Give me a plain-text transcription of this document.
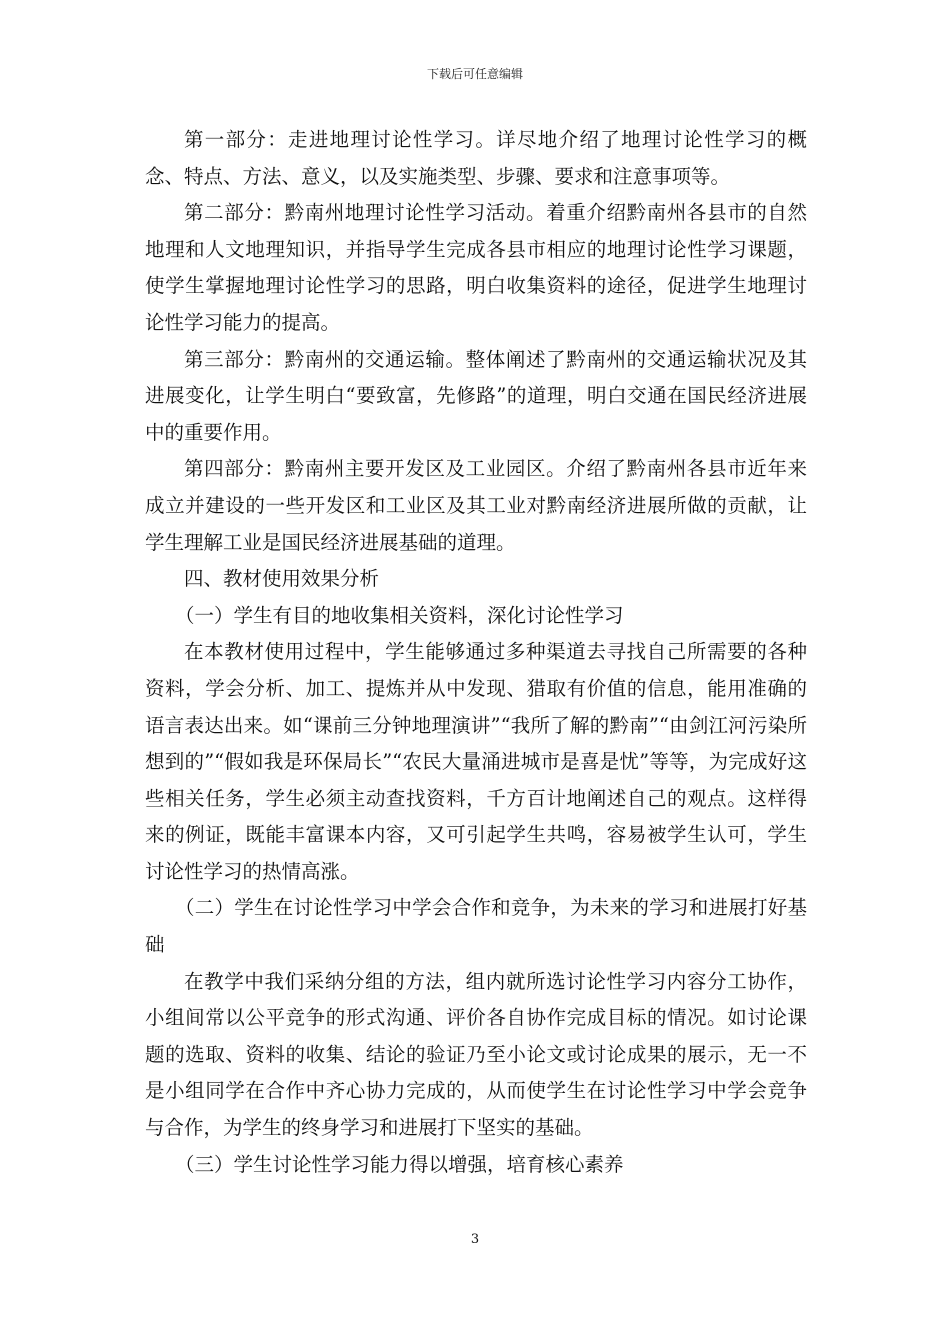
下载后可任意编辑

第一部分：走进地理讨论性学习。详尽地介绍了地理讨论性学习的概念、特点、方法、意义，以及实施类型、步骤、要求和注意事项等。

第二部分：黔南州地理讨论性学习活动。着重介绍黔南州各县市的自然地理和人文地理知识，并指导学生完成各县市相应的地理讨论性学习课题，使学生掌握地理讨论性学习的思路，明白收集资料的途径，促进学生地理讨论性学习能力的提高。

第三部分：黔南州的交通运输。整体阐述了黔南州的交通运输状况及其进展变化，让学生明白“要致富，先修路”的道理，明白交通在国民经济进展中的重要作用。

第四部分：黔南州主要开发区及工业园区。介绍了黔南州各县市近年来成立并建设的一些开发区和工业区及其工业对黔南经济进展所做的贡献，让学生理解工业是国民经济进展基础的道理。

四、教材使用效果分析

（一）学生有目的地收集相关资料，深化讨论性学习

在本教材使用过程中，学生能够通过多种渠道去寻找自己所需要的各种资料，学会分析、加工、提炼并从中发现、猎取有价值的信息，能用准确的语言表达出来。如“课前三分钟地理演讲”“我所了解的黔南”“由剑江河污染所想到的”“假如我是环保局长”“农民大量涌进城市是喜是忧”等等，为完成好这些相关任务，学生必须主动查找资料，千方百计地阐述自己的观点。这样得来的例证，既能丰富课本内容，又可引起学生共鸣，容易被学生认可，学生讨论性学习的热情高涨。

（二）学生在讨论性学习中学会合作和竞争，为未来的学习和进展打好基础

在教学中我们采纳分组的方法，组内就所选讨论性学习内容分工协作，小组间常以公平竞争的形式沟通、评价各自协作完成目标的情况。如讨论课题的选取、资料的收集、结论的验证乃至小论文或讨论成果的展示，无一不是小组同学在合作中齐心协力完成的，从而使学生在讨论性学习中学会竞争与合作，为学生的终身学习和进展打下坚实的基础。

（三）学生讨论性学习能力得以增强，培育核心素养

3
